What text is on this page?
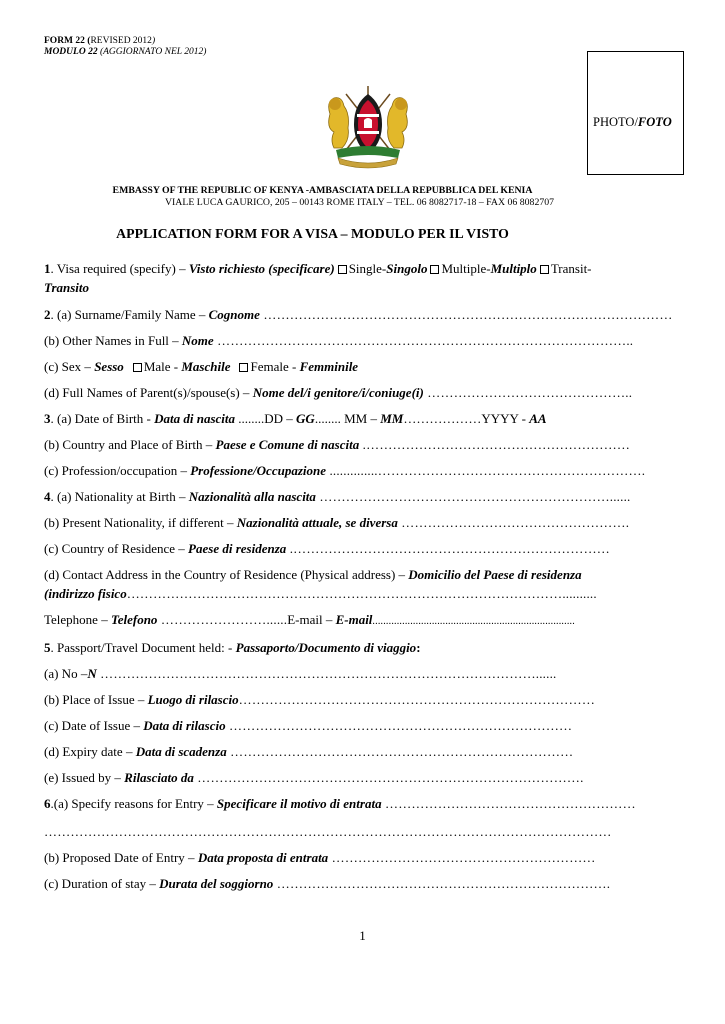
FORM 22 (REVISED 2012)
MODULO 22 (AGGIORNATO NEL 2012)
PHOTO/FOTO
EMBASSY OF THE REPUBLIC OF KENYA -AMBASCIATA DELLA REPUBBLICA DEL KENIA
VIALE LUCA GAURICO, 205 – 00143 ROME ITALY – TEL. 06 8082717-18 – FAX 06 8082707
APPLICATION FORM FOR A VISA – MODULO PER IL VISTO
1. Visa required (specify) – Visto richiesto (specificare) Single-Singolo Multiple-Multiplo Transit-
Transito
2. (a) Surname/Family Name – Cognome …………………………………………………………………………………
(b) Other Names in Full – Nome …………………………………………………………………………………..
(c) Sex – Sesso Male - Maschile Female - Femminile
(d) Full Names of Parent(s)/spouse(s) – Nome del/i genitore/i/coniuge(i) ………………………………………..
3. (a) Date of Birth - Data di nascita ........DD – GG........ MM – MM………………YYYY - AA
(b) Country and Place of Birth – Paese e Comune di nascita .……………………………………………………
(c) Profession/occupation – Professione/Occupazione ..............…………………………………………………….
4. (a) Nationality at Birth – Nazionalità alla nascita …………………………………………………………......
(b) Present Nationality, if different – Nazionalità attuale, se diversa …………………………………………….
(c) Country of Residence – Paese di residenza .………………………………………………………………
(d) Contact Address in the Country of Residence (Physical address) – Domicilio del Paese di residenza
(indirizzo fisico………………………………………………………………………………………..........
Telephone – Telefono ……………………......E-mail – E-mail...........................................................................
5. Passport/Travel Document held: - Passaporto/Documento di viaggio:
(a) No –N ………………………………………………………………………………………......
(b) Place of Issue – Luogo di rilascio………………………………………………………………………
(c) Date of Issue – Data di rilascio ……………………………………………………………………
(d) Expiry date – Data di scadenza ……………………………………………………………………
(e) Issued by – Rilasciato da …………………………………………………………………………….
6.(a) Specify reasons for Entry – Specificare il motivo di entrata …………………………………………………
…………………………………………………………………………………………………………………
(b) Proposed Date of Entry – Data proposta di entrata ……………………………………………………
(c) Duration of stay – Durata del soggiorno ………………………………………………………………….
1
